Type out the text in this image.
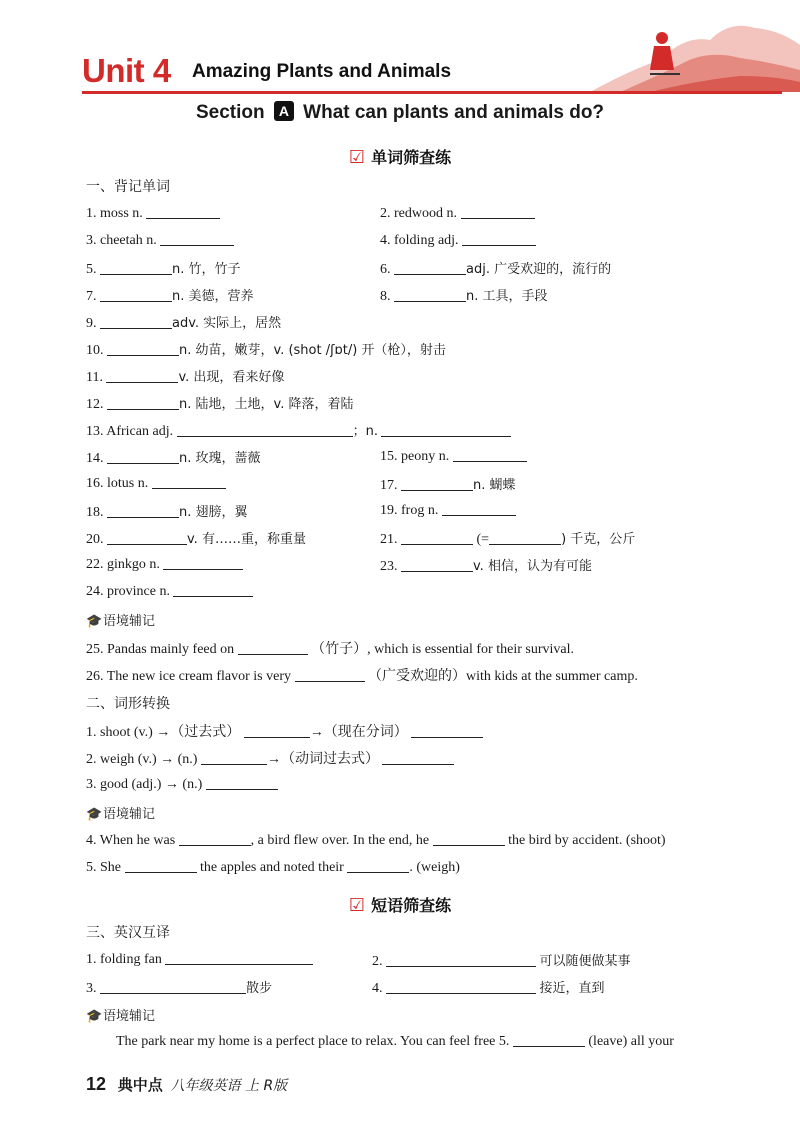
Unit 4 Amazing Plants and Animals
Section A What can plants and animals do?
☑ 单词筛查练
一、背记单词
1. moss n.	2. redwood n.
3. cheetah n.	4. folding adj.
5.	n. 竹，竹子	6.	adj. 广受欢迎的，流行的
7.	n. 美德，营养	8.	n. 工具，手段
9.	adv. 实际上，居然
10.	n. 幼苗，嫩芽，v. (shot /ʃɒt/) 开（枪），射击
11.	v. 出现，看来好像
12.	n. 陆地，土地，v. 降落，着陆
13. African adj.	；n.
14.	n. 玫瑰，蔷薇	15. peony n.
16. lotus n.	17.	n. 蝴蝶
18.	n. 翅膀，翼	19. frog n.
20.	v. 有……重，称重量	21.	(=	) 千克，公斤
22. ginkgo n.	23.	v. 相信，认为有可能
24. province n.
🎓语境辅记
25. Pandas mainly feed on	（竹子）, which is essential for their survival.
26. The new ice cream flavor is very	（广受欢迎的）with kids at the summer camp.
二、词形转换
1. shoot (v.) →（过去式）	→（现在分词）
2. weigh (v.) → (n.)	→（动词过去式）
3. good (adj.) → (n.)
🎓语境辅记
4. When he was	, a bird flew over. In the end, he	the bird by accident. (shoot)
5. She	the apples and noted their	. (weigh)
☑ 短语筛查练
三、英汉互译
1. folding fan	2.	可以随便做某事
3.	散步	4.	接近，直到
🎓语境辅记
The park near my home is a perfect place to relax. You can feel free 5.	(leave) all your
12 典中点 八年级英语 上 R版
